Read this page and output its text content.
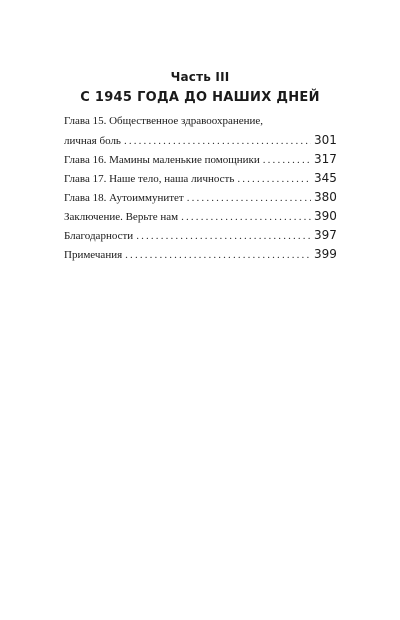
Часть III
С 1945 ГОДА ДО НАШИХ ДНЕЙ
Глава 15. Общественное здравоохранение,
личная боль . . .	301
Глава 16. Мамины маленькие помощники . . .	317
Глава 17. Наше тело, наша личность . . .	345
Глава 18. Аутоиммунитет . . .	380
Заключение. Верьте нам . . .	390
Благодарности . . .	397
Примечания . . .	399
